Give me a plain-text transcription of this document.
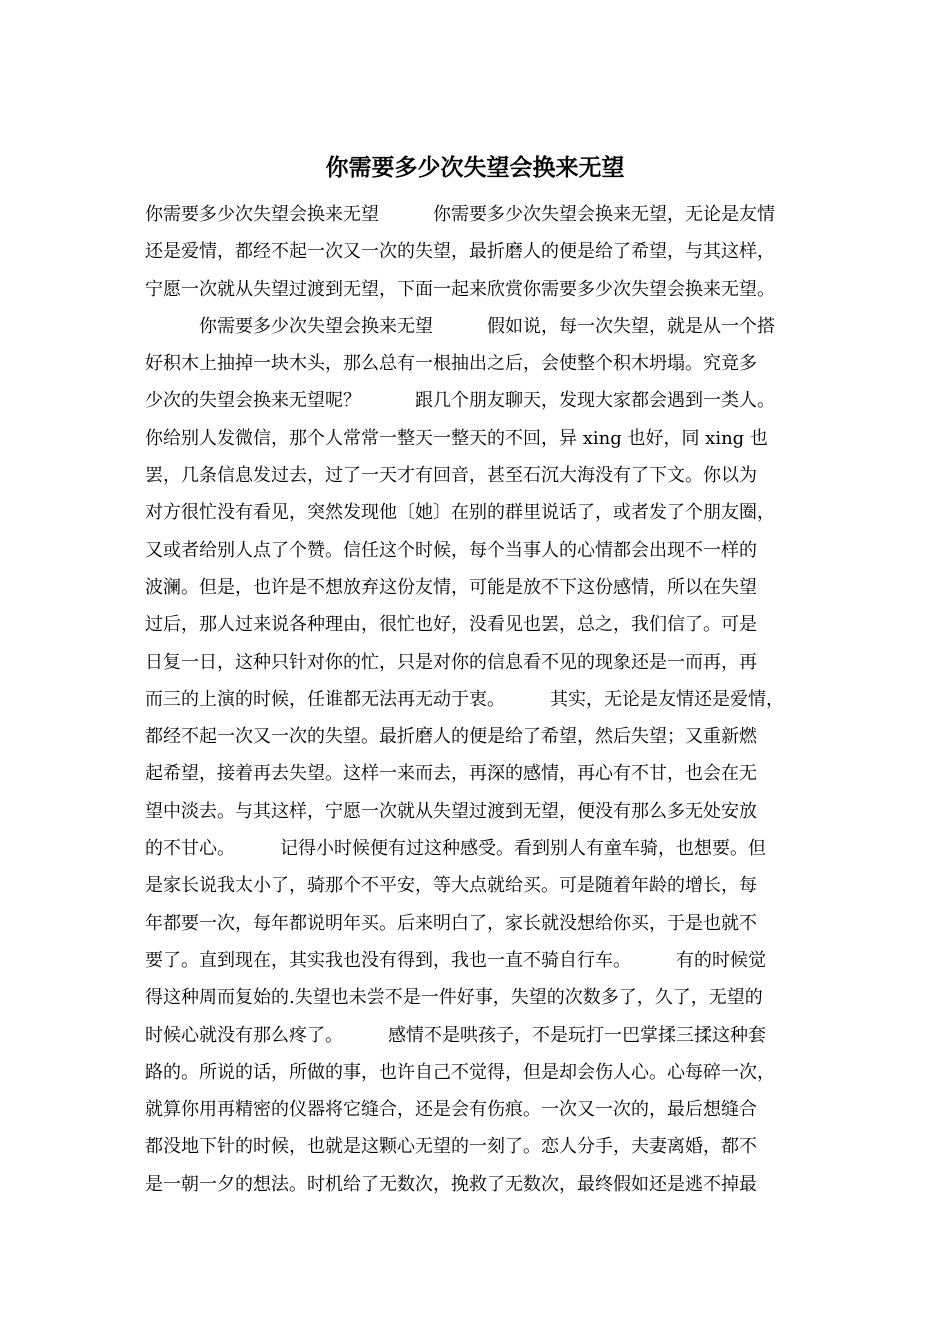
你需要多少次失望会换来无望
你需要多少次失望会换来无望　　　你需要多少次失望会换来无望，无论是友情
还是爱情，都经不起一次又一次的失望，最折磨人的便是给了希望，与其这样，
宁愿一次就从失望过渡到无望，下面一起来欣赏你需要多少次失望会换来无望。
　　　你需要多少次失望会换来无望　　　假如说，每一次失望，就是从一个搭
好积木上抽掉一块木头，那么总有一根抽出之后，会使整个积木坍塌。究竟多
少次的失望会换来无望呢？　　　跟几个朋友聊天，发现大家都会遇到一类人。
你给别人发微信，那个人常常一整天一整天的不回，异 xing 也好，同 xing 也
罢，几条信息发过去，过了一天才有回音，甚至石沉大海没有了下文。你以为
对方很忙没有看见，突然发现他〔她〕在别的群里说话了，或者发了个朋友圈，
又或者给别人点了个赞。信任这个时候，每个当事人的心情都会出现不一样的
波澜。但是，也许是不想放弃这份友情，可能是放不下这份感情，所以在失望
过后，那人过来说各种理由，很忙也好，没看见也罢，总之，我们信了。可是
日复一日，这种只针对你的忙，只是对你的信息看不见的现象还是一而再，再
而三的上演的时候，任谁都无法再无动于衷。　　　其实，无论是友情还是爱情，
都经不起一次又一次的失望。最折磨人的便是给了希望，然后失望；又重新燃
起希望，接着再去失望。这样一来而去，再深的感情，再心有不甘，也会在无
望中淡去。与其这样，宁愿一次就从失望过渡到无望，便没有那么多无处安放
的不甘心。　　　记得小时候便有过这种感受。看到别人有童车骑，也想要。但
是家长说我太小了，骑那个不平安，等大点就给买。可是随着年龄的增长，每
年都要一次，每年都说明年买。后来明白了，家长就没想给你买，于是也就不
要了。直到现在，其实我也没有得到，我也一直不骑自行车。　　　有的时候觉
得这种周而复始的.失望也未尝不是一件好事，失望的次数多了，久了，无望的
时候心就没有那么疼了。　　　感情不是哄孩子，不是玩打一巴掌揉三揉这种套
路的。所说的话，所做的事，也许自己不觉得，但是却会伤人心。心每碎一次，
就算你用再精密的仪器将它缝合，还是会有伤痕。一次又一次的，最后想缝合
都没地下针的时候，也就是这颗心无望的一刻了。恋人分手，夫妻离婚，都不
是一朝一夕的想法。时机给了无数次，挽救了无数次，最终假如还是逃不掉最
